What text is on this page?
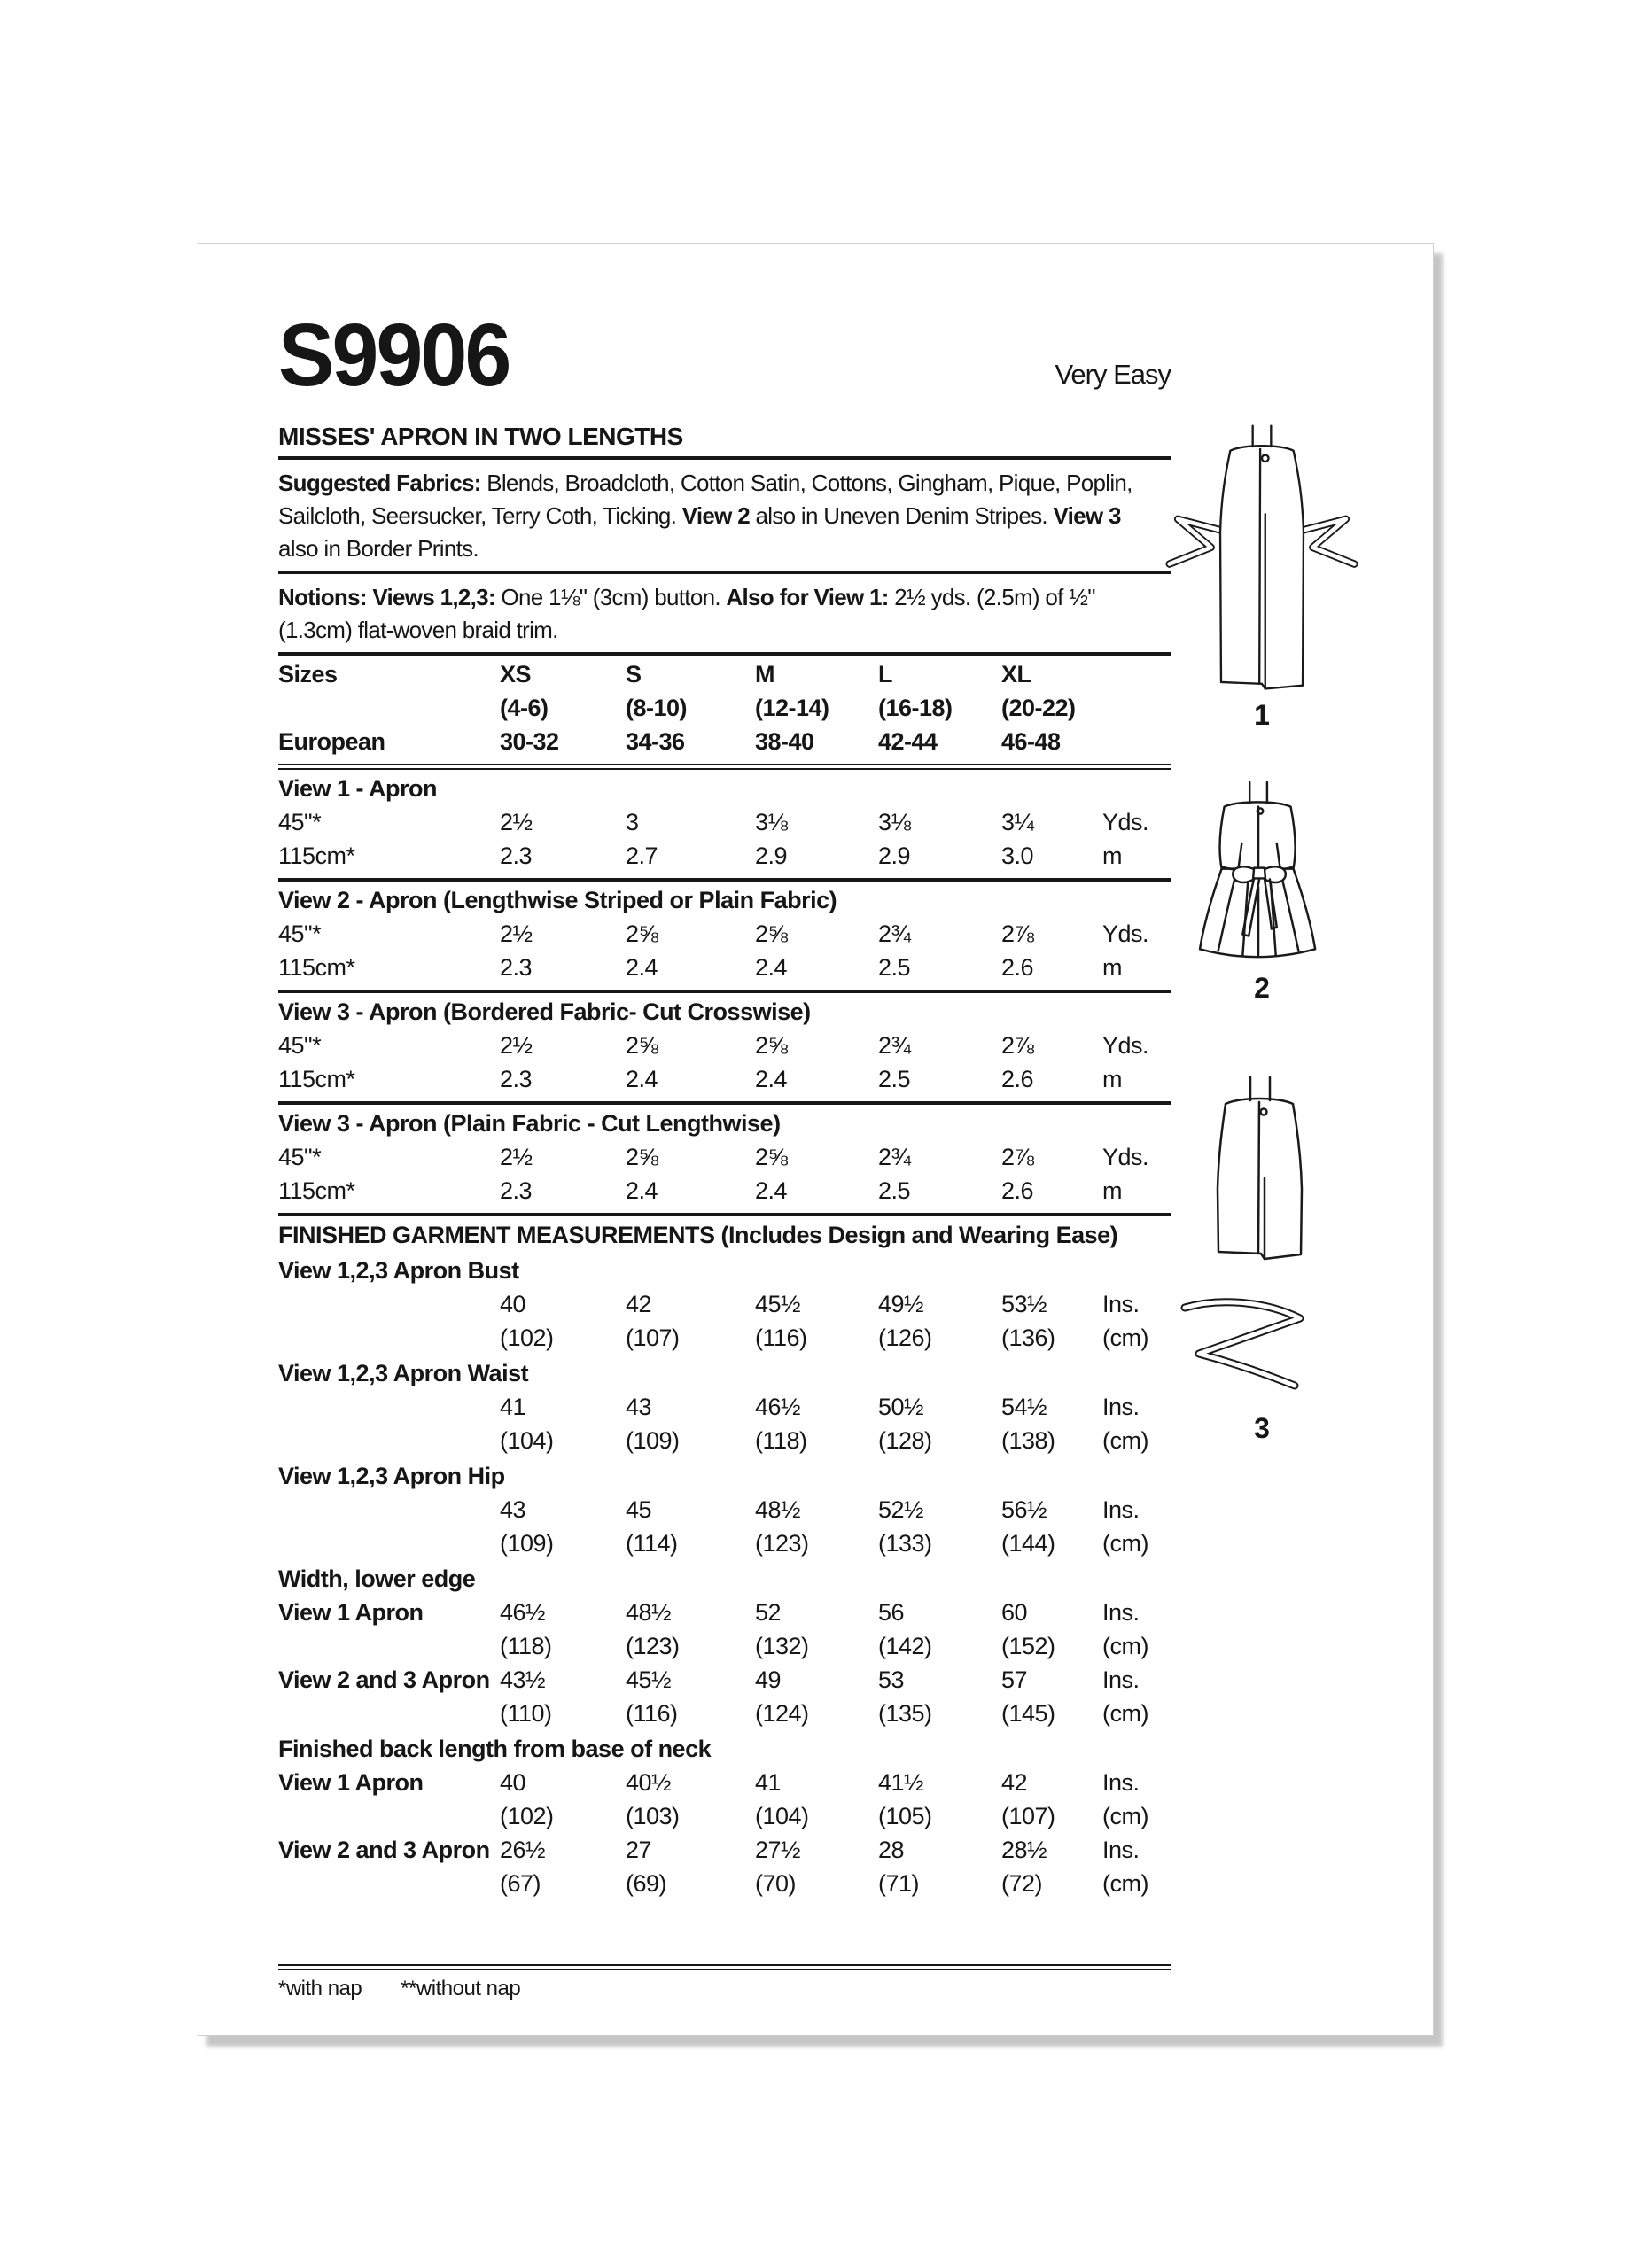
S9906	Very Easy
MISSES' APRON IN TWO LENGTHS

Suggested Fabrics: Blends, Broadcloth, Cotton Satin, Cottons, Gingham, Pique, Poplin,
Sailcloth, Seersucker, Terry Coth, Ticking. View 2 also in Uneven Denim Stripes. View 3
also in Border Prints.

Notions: Views 1,2,3: One 1⅛" (3cm) button. Also for View 1: 2½ yds. (2.5m) of ½"
(1.3cm) flat-woven braid trim.

Sizes	XS	S	M	L	XL
(4-6)	(8-10)	(12-14)	(16-18)	(20-22)
European	30-32	34-36	38-40	42-44	46-48
View 1 - Apron
45"*	2½	3	3⅛	3⅛	3¼	Yds.
115cm*	2.3	2.7	2.9	2.9	3.0	m
View 2 - Apron (Lengthwise Striped or Plain Fabric)
45"*	2½	2⅝	2⅝	2¾	2⅞	Yds.
115cm*	2.3	2.4	2.4	2.5	2.6	m
View 3 - Apron (Bordered Fabric- Cut Crosswise)
45"*	2½	2⅝	2⅝	2¾	2⅞	Yds.
115cm*	2.3	2.4	2.4	2.5	2.6	m
View 3 - Apron (Plain Fabric - Cut Lengthwise)
45"*	2½	2⅝	2⅝	2¾	2⅞	Yds.
115cm*	2.3	2.4	2.4	2.5	2.6	m
FINISHED GARMENT MEASUREMENTS (Includes Design and Wearing Ease)
View 1,2,3 Apron Bust
40	42	45½	49½	53½	Ins.
(102)	(107)	(116)	(126)	(136)	(cm)
View 1,2,3 Apron Waist
41	43	46½	50½	54½	Ins.
(104)	(109)	(118)	(128)	(138)	(cm)
View 1,2,3 Apron Hip
43	45	48½	52½	56½	Ins.
(109)	(114)	(123)	(133)	(144)	(cm)
Width, lower edge
View 1 Apron	46½	48½	52	56	60	Ins.
(118)	(123)	(132)	(142)	(152)	(cm)
View 2 and 3 Apron 43½	45½	49	53	57	Ins.
(110)	(116)	(124)	(135)	(145)	(cm)
Finished back length from base of neck
View 1 Apron	40	40½	41	41½	42	Ins.
(102)	(103)	(104)	(105)	(107)	(cm)
View 2 and 3 Apron 26½	27	27½	28	28½	Ins.
(67)	(69)	(70)	(71)	(72)	(cm)

*with nap **without nap

1
2
3
